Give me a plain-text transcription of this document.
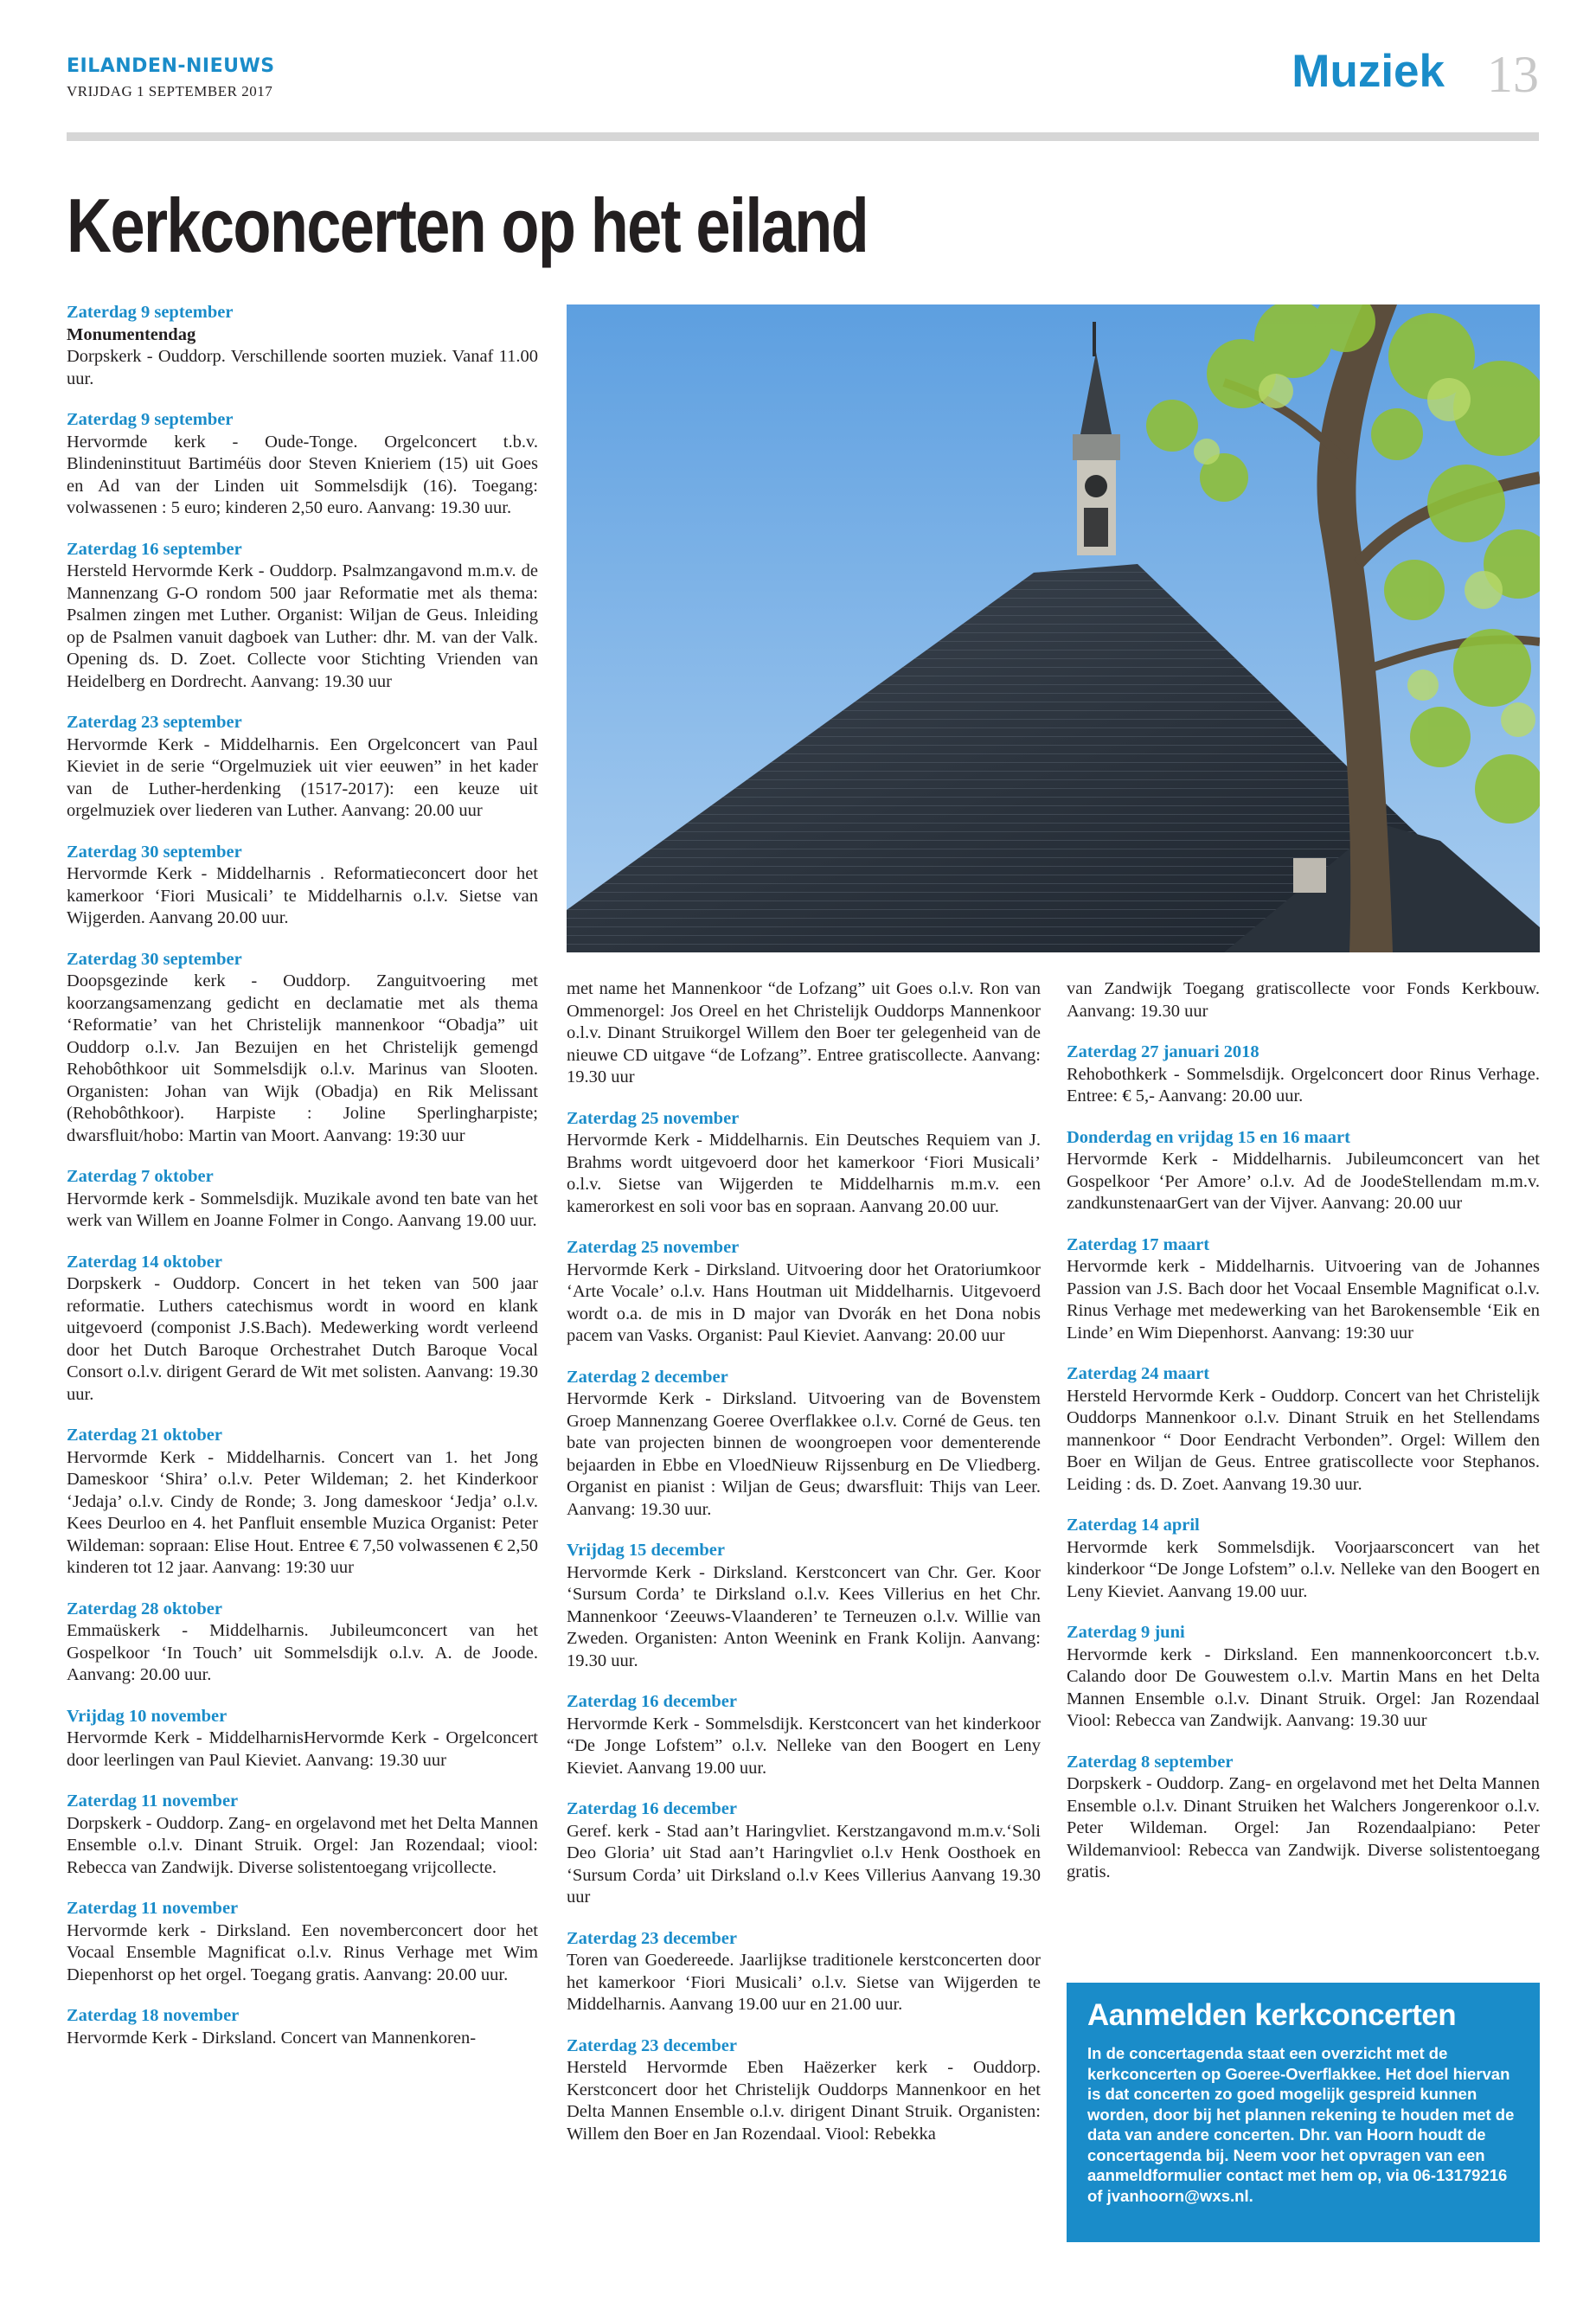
EILANDEN-NIEUWS
VRIJDAG 1 SEPTEMBER 2017	Muziek 13
Kerkconcerten op het eiland
Zaterdag 9 september
Monumentendag
Dorpskerk - Ouddorp. Verschillende soorten muziek. Vanaf 11.00 uur.
Zaterdag 9 september
Hervormde kerk - Oude-Tonge. Orgelconcert t.b.v. Blindeninstituut Bartiméüs door Steven Knieriem (15) uit Goes en Ad van der Linden uit Sommelsdijk (16). Toegang: volwassenen : 5 euro; kinderen 2,50 euro. Aanvang: 19.30 uur.
Zaterdag 16 september
Hersteld Hervormde Kerk - Ouddorp. Psalmzangavond m.m.v. de Mannenzang G-O rondom 500 jaar Reformatie met als thema: Psalmen zingen met Luther. Organist: Wiljan de Geus. Inleiding op de Psalmen vanuit dagboek van Luther: dhr. M. van der Valk. Opening ds. D. Zoet. Collecte voor Stichting Vrienden van Heidelberg en Dordrecht. Aanvang: 19.30 uur
Zaterdag 23 september
Hervormde Kerk - Middelharnis. Een Orgelconcert van Paul Kieviet in de serie “Orgelmuziek uit vier eeuwen” in het kader van de Luther-herdenking (1517-2017): een keuze uit orgelmuziek over liederen van Luther. Aanvang: 20.00 uur
Zaterdag 30 september
Hervormde Kerk - Middelharnis . Reformatieconcert door het kamerkoor ‘Fiori Musicali’ te Middelharnis o.l.v. Sietse van Wijgerden. Aanvang 20.00 uur.
Zaterdag 30 september
Doopsgezinde kerk - Ouddorp. Zanguitvoering met koorzangsamenzang gedicht en declamatie met als thema ‘Reformatie’ van het Christelijk mannenkoor “Obadja” uit Ouddorp o.l.v. Jan Bezuijen en het Christelijk gemengd Rehobôthkoor uit Sommelsdijk o.l.v. Marinus van Slooten. Organisten: Johan van Wijk (Obadja) en Rik Melissant (Rehobôthkoor). Harpiste : Joline Sperlingharpiste; dwarsfluit/hobo: Martin van Moort. Aanvang: 19:30 uur
Zaterdag 7 oktober
Hervormde kerk - Sommelsdijk. Muzikale avond ten bate van het werk van Willem en Joanne Folmer in Congo. Aanvang 19.00 uur.
Zaterdag 14 oktober
Dorpskerk - Ouddorp. Concert in het teken van 500 jaar reformatie. Luthers catechismus wordt in woord en klank uitgevoerd (componist J.S.Bach). Medewerking wordt verleend door het Dutch Baroque Orchestrahet Dutch Baroque Vocal Consort o.l.v. dirigent Gerard de Wit met solisten. Aanvang: 19.30 uur.
Zaterdag 21 oktober
Hervormde Kerk - Middelharnis. Concert van 1. het Jong Dameskoor ‘Shira’ o.l.v. Peter Wildeman; 2. het Kinderkoor ‘Jedaja’ o.l.v. Cindy de Ronde; 3. Jong dameskoor ‘Jedja’ o.l.v. Kees Deurloo en 4. het Panfluit ensemble Muzica Organist: Peter Wildeman: sopraan: Elise Hout. Entree € 7,50 volwassenen € 2,50 kinderen tot 12 jaar. Aanvang: 19:30 uur
Zaterdag 28 oktober
Emmaüskerk - Middelharnis. Jubileumconcert van het Gospelkoor ‘In Touch’ uit Sommelsdijk o.l.v. A. de Joode. Aanvang: 20.00 uur.
Vrijdag 10 november
Hervormde Kerk - MiddelharnisHervormde Kerk - Orgelconcert door leerlingen van Paul Kieviet. Aanvang: 19.30 uur
Zaterdag 11 november
Dorpskerk - Ouddorp. Zang- en orgelavond met het Delta Mannen Ensemble o.l.v. Dinant Struik. Orgel: Jan Rozendaal; viool: Rebecca van Zandwijk. Diverse solistentoegang vrijcollecte.
Zaterdag 11 november
Hervormde kerk - Dirksland. Een novemberconcert door het Vocaal Ensemble Magnificat o.l.v. Rinus Verhage met Wim Diepenhorst op het orgel. Toegang gratis. Aanvang: 20.00 uur.
Zaterdag 18 november
Hervormde Kerk - Dirksland. Concert van Mannenkoren-
met name het Mannenkoor “de Lofzang” uit Goes o.l.v. Ron van Ommenorgel: Jos Oreel en het Christelijk Ouddorps Mannenkoor o.l.v. Dinant Struikorgel Willem den Boer ter gelegenheid van de nieuwe CD uitgave “de Lofzang”. Entree gratiscollecte. Aanvang: 19.30 uur
Zaterdag 25 november
Hervormde Kerk - Middelharnis. Ein Deutsches Requiem van J. Brahms wordt uitgevoerd door het kamerkoor ‘Fiori Musicali’ o.l.v. Sietse van Wijgerden te Middelharnis m.m.v. een kamerorkest en soli voor bas en sopraan. Aanvang 20.00 uur.
Zaterdag 25 november
Hervormde Kerk - Dirksland. Uitvoering door het Oratoriumkoor ‘Arte Vocale’ o.l.v. Hans Houtman uit Middelharnis. Uitgevoerd wordt o.a. de mis in D major van Dvorák en het Dona nobis pacem van Vasks. Organist: Paul Kieviet. Aanvang: 20.00 uur
Zaterdag 2 december
Hervormde Kerk - Dirksland. Uitvoering van de Bovenstem Groep Mannenzang Goeree Overflakkee o.l.v. Corné de Geus. ten bate van projecten binnen de woongroepen voor dementerende bejaarden in Ebbe en VloedNieuw Rijssenburg en De Vliedberg. Organist en pianist : Wiljan de Geus; dwarsfluit: Thijs van Leer. Aanvang: 19.30 uur.
Vrijdag 15 december
Hervormde Kerk - Dirksland. Kerstconcert van Chr. Ger. Koor ‘Sursum Corda’ te Dirksland o.l.v. Kees Villerius en het Chr. Mannenkoor ‘Zeeuws-Vlaanderen’ te Terneuzen o.l.v. Willie van Zweden. Organisten: Anton Weenink en Frank Kolijn. Aanvang: 19.30 uur.
Zaterdag 16 december
Hervormde Kerk - Sommelsdijk. Kerstconcert van het kinderkoor “De Jonge Lofstem” o.l.v. Nelleke van den Boogert en Leny Kieviet. Aanvang 19.00 uur.
Zaterdag 16 december
Geref. kerk - Stad aan’t Haringvliet. Kerstzangavond m.m.v.‘Soli Deo Gloria’ uit Stad aan’t Haringvliet o.l.v Henk Oosthoek en ‘Sursum Corda’ uit Dirksland o.l.v Kees Villerius Aanvang 19.30 uur
Zaterdag 23 december
Toren van Goedereede. Jaarlijkse traditionele kerstconcerten door het kamerkoor ‘Fiori Musicali’ o.l.v. Sietse van Wijgerden te Middelharnis. Aanvang 19.00 uur en 21.00 uur.
Zaterdag 23 december
Hersteld Hervormde Eben Haëzerker kerk - Ouddorp. Kerstconcert door het Christelijk Ouddorps Mannenkoor en het Delta Mannen Ensemble o.l.v. dirigent Dinant Struik. Organisten: Willem den Boer en Jan Rozendaal. Viool: Rebekka
van Zandwijk Toegang gratiscollecte voor Fonds Kerkbouw. Aanvang: 19.30 uur
Zaterdag 27 januari 2018
Rehobothkerk - Sommelsdijk. Orgelconcert door Rinus Verhage. Entree: € 5,- Aanvang: 20.00 uur.
Donderdag en vrijdag 15 en 16 maart
Hervormde Kerk - Middelharnis. Jubileumconcert van het Gospelkoor ‘Per Amore’ o.l.v. Ad de JoodeStellendam m.m.v. zandkunstenaarGert van der Vijver. Aanvang: 20.00 uur
Zaterdag 17 maart
Hervormde kerk - Middelharnis. Uitvoering van de Johannes Passion van J.S. Bach door het Vocaal Ensemble Magnificat o.l.v. Rinus Verhage met medewerking van het Barokensemble ‘Eik en Linde’ en Wim Diepenhorst. Aanvang: 19:30 uur
Zaterdag 24 maart
Hersteld Hervormde Kerk - Ouddorp. Concert van het Christelijk Ouddorps Mannenkoor o.l.v. Dinant Struik en het Stellendams mannenkoor “ Door Eendracht Verbonden”. Orgel: Willem den Boer en Wiljan de Geus. Entree gratiscollecte voor Stephanos. Leiding : ds. D. Zoet. Aanvang 19.30 uur.
Zaterdag 14 april
Hervormde kerk Sommelsdijk. Voorjaarsconcert van het kinderkoor “De Jonge Lofstem” o.l.v. Nelleke van den Boogert en Leny Kieviet. Aanvang 19.00 uur.
Zaterdag 9 juni
Hervormde kerk - Dirksland. Een mannenkoorconcert t.b.v. Calando door De Gouwestem o.l.v. Martin Mans en het Delta Mannen Ensemble o.l.v. Dinant Struik. Orgel: Jan Rozendaal Viool: Rebecca van Zandwijk. Aanvang: 19.30 uur
Zaterdag 8 september
Dorpskerk - Ouddorp. Zang- en orgelavond met het Delta Mannen Ensemble o.l.v. Dinant Struiken het Walchers Jongerenkoor o.l.v. Peter Wildeman. Orgel: Jan Rozendaalpiano: Peter Wildemanviool: Rebecca van Zandwijk. Diverse solistentoegang gratis.
Aanmelden kerkconcerten
In de concertagenda staat een overzicht met de kerkconcerten op Goeree-Overflakkee. Het doel hiervan is dat concerten zo goed mogelijk gespreid kunnen worden, door bij het plannen rekening te houden met de data van andere concerten. Dhr. van Hoorn houdt de concertagenda bij. Neem voor het opvragen van een aanmeldformulier contact met hem op, via 06-13179216 of jvanhoorn@wxs.nl.
